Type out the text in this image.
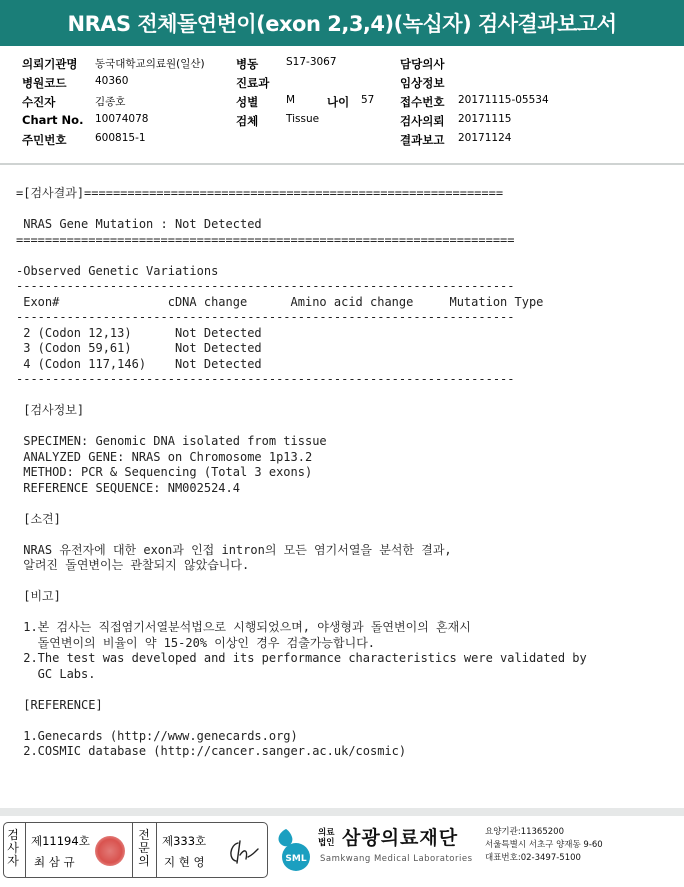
NRAS 전체돌연변이(exon 2,3,4)(녹십자) 검사결과보고서
의뢰기관명 동국대학교의료원(일산)	병동	S17-3067	담당의사
병원코드	40360	진료과	임상정보
수진자	김종호	성별	M	나이 57 접수번호 20171115-05534
Chart No. 10074078	검체	Tissue	검사의뢰 20171115
주민번호	600815-1	결과보고 20171124
=[검사결과]==========================================================
NRAS Gene Mutation : Not Detected
=====================================================================
-Observed Genetic Variations
---------------------------------------------------------------------
Exon#               cDNA change      Amino acid change     Mutation Type
---------------------------------------------------------------------
2 (Codon 12,13)      Not Detected
3 (Codon 59,61)      Not Detected
4 (Codon 117,146)    Not Detected
---------------------------------------------------------------------
[검사정보]
SPECIMEN: Genomic DNA isolated from tissue
ANALYZED GENE: NRAS on Chromosome 1p13.2
METHOD: PCR & Sequencing (Total 3 exons)
REFERENCE SEQUENCE: NM002524.4
[소견]
NRAS 유전자에 대한 exon과 인접 intron의 모든 염기서열을 분석한 결과,
알려진 돌연변이는 관찰되지 않았습니다.
[비고]
1.본 검사는 직접염기서열분석법으로 시행되었으며, 야생형과 돌연변이의 혼재시
돌연변이의 비율이 약 15-20% 이상인 경우 검출가능합니다.
2.The test was developed and its performance characteristics were validated by
GC Labs.
[REFERENCE]
1.Genecards (http://www.genecards.org)
2.COSMIC database (http://cancer.sanger.ac.uk/cosmic)
검
사
자
제11194호
최 삼 규
전
문
의
제333호
지 현 영	SML
의료
법인 삼광의료재단
Samkwang Medical Laboratories
요양기관:11365200
서울특별시 서초구 양재동 9-60
대표번호:02-3497-5100
